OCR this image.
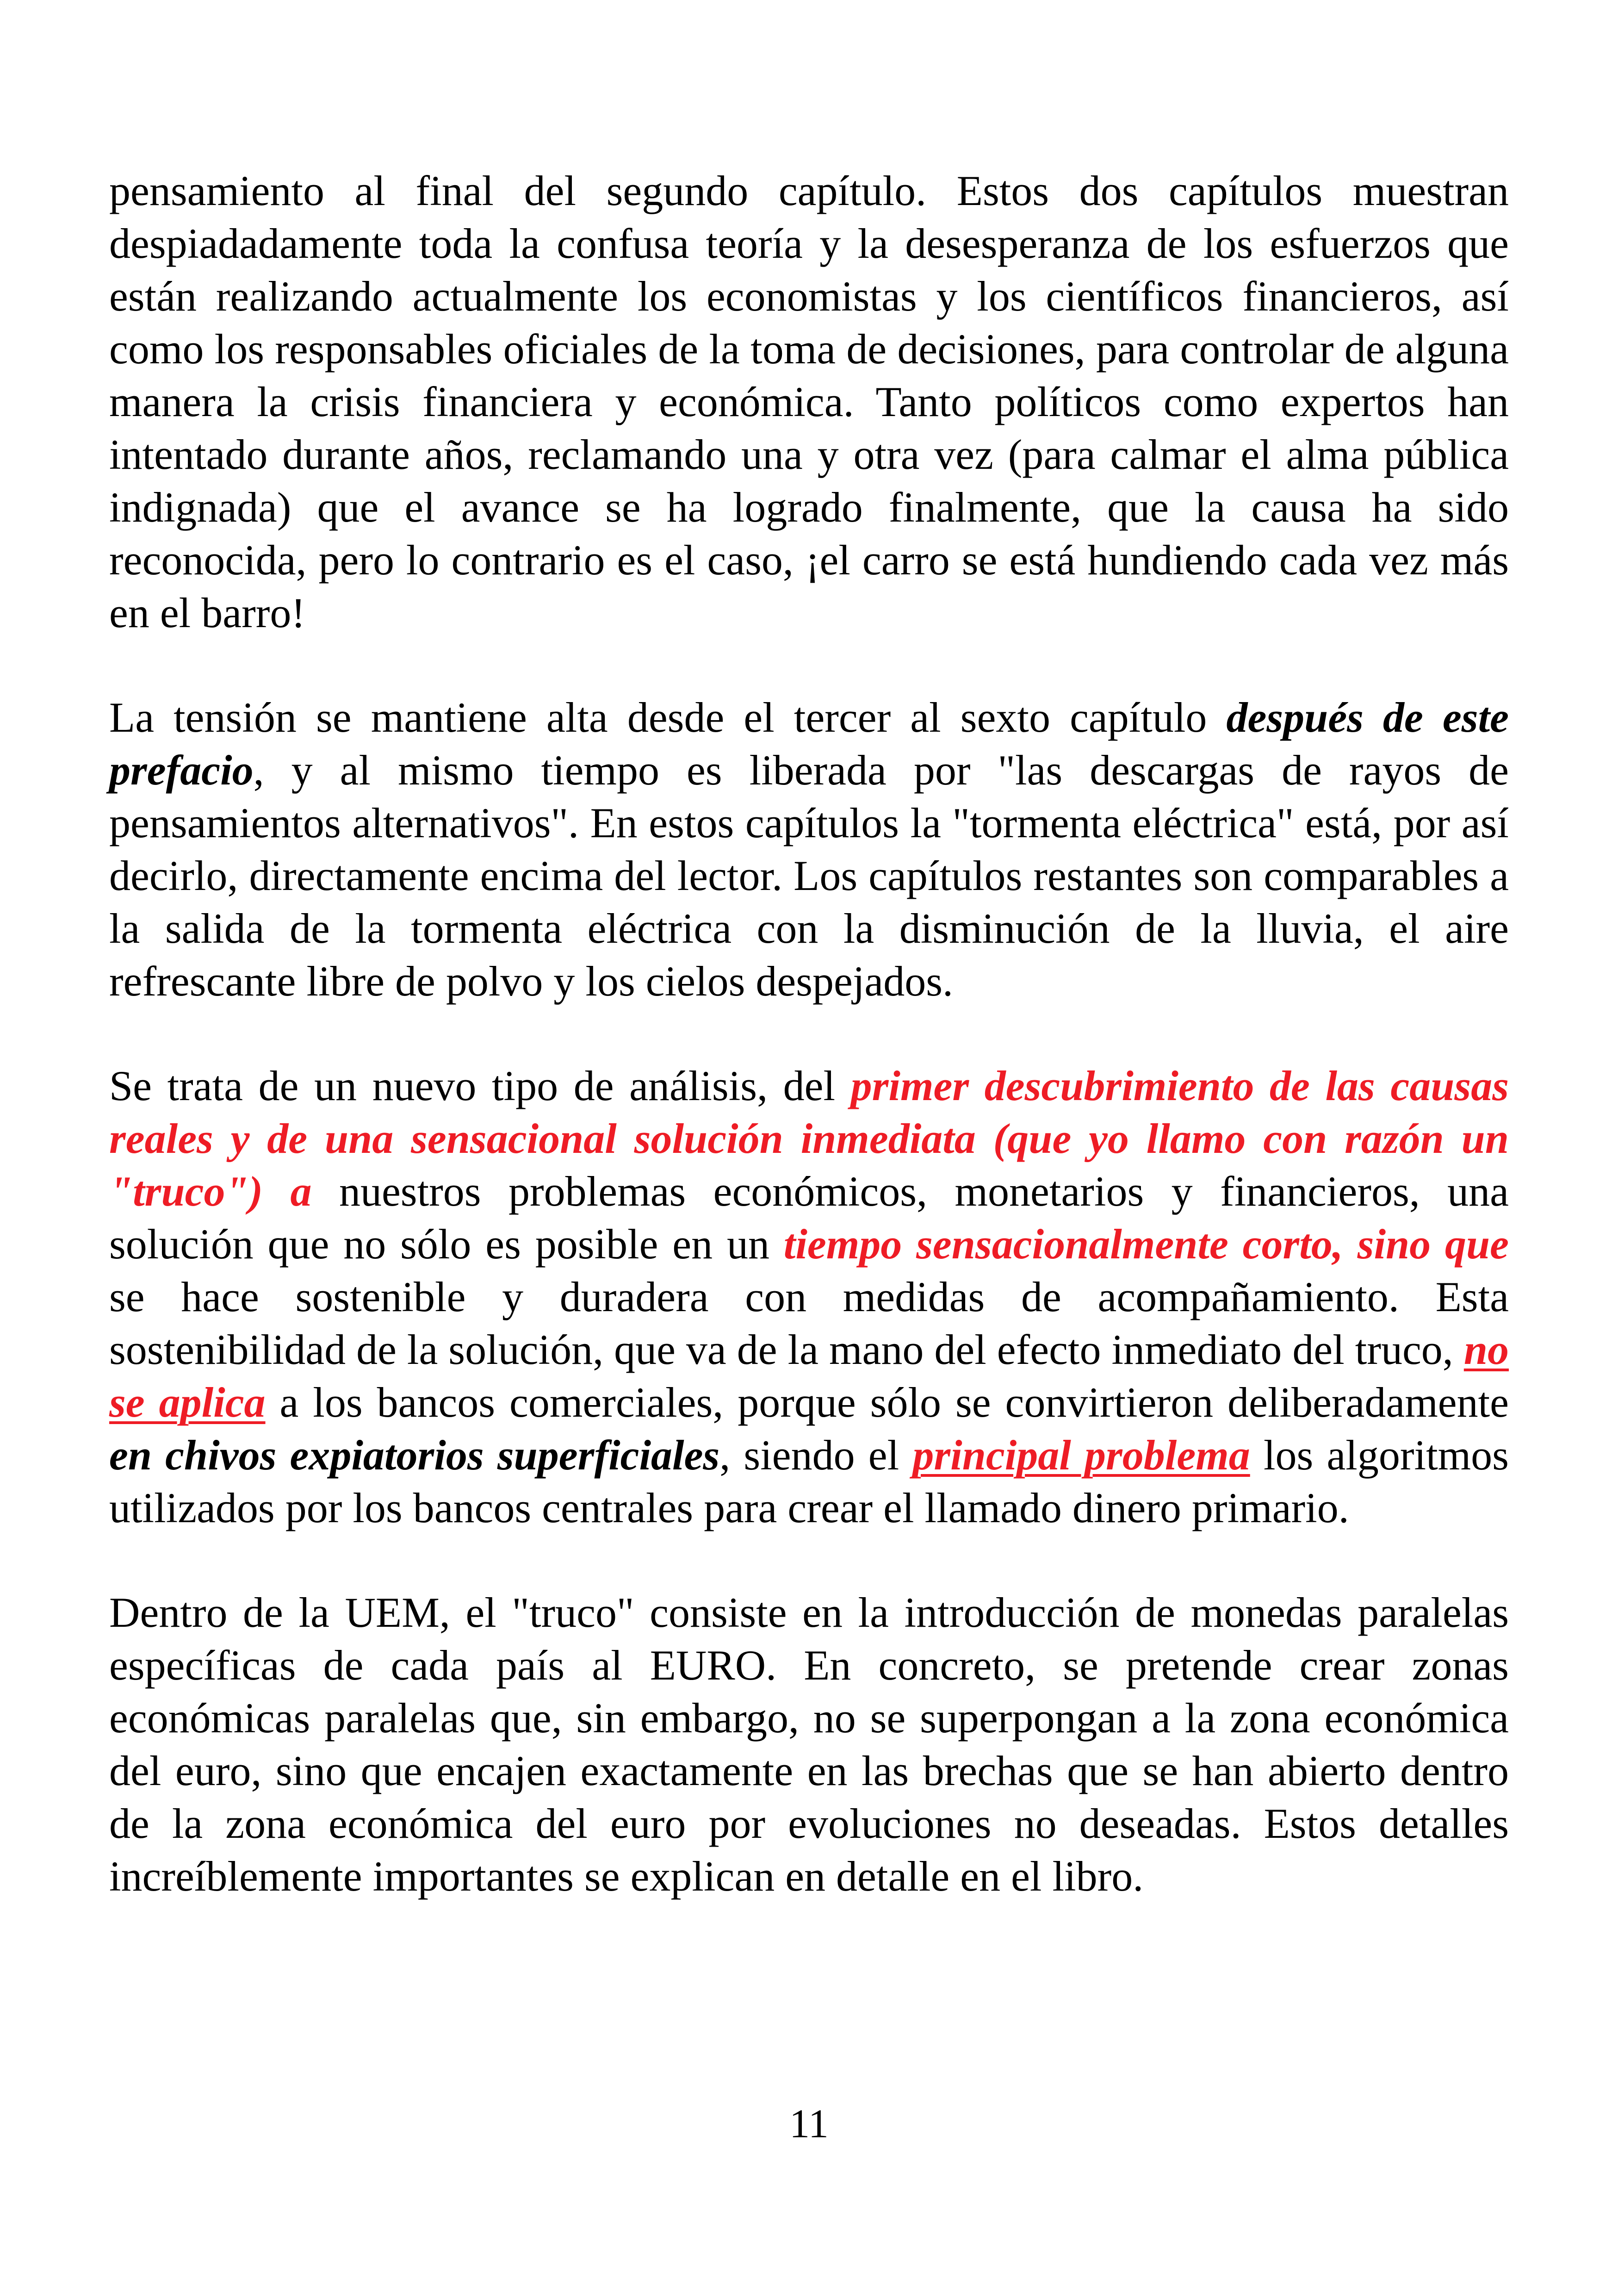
pensamiento al final del segundo capítulo. Estos dos capítulos muestran despiadadamente toda la confusa teoría y la desesperanza de los esfuerzos que están realizando actualmente los economistas y los científicos financieros, así como los responsables oficiales de la toma de decisiones, para controlar de alguna manera la crisis financiera y económica. Tanto políticos como expertos han intentado durante años, reclamando una y otra vez (para calmar el alma pública indignada) que el avance se ha logrado finalmente, que la causa ha sido reconocida, pero lo contrario es el caso, ¡el carro se está hundiendo cada vez más en el barro!

La tensión se mantiene alta desde el tercer al sexto capítulo después de este prefacio, y al mismo tiempo es liberada por "las descargas de rayos de pensamientos alternativos". En estos capítulos la "tormenta eléctrica" está, por así decirlo, directamente encima del lector. Los capítulos restantes son comparables a la salida de la tormenta eléctrica con la disminución de la lluvia, el aire refrescante libre de polvo y los cielos despejados.

Se trata de un nuevo tipo de análisis, del primer descubrimiento de las causas reales y de una sensacional solución inmediata (que yo llamo con razón un "truco") a nuestros problemas económicos, monetarios y financieros, una solución que no sólo es posible en un tiempo sensacionalmente corto, sino que se hace sostenible y duradera con medidas de acompañamiento. Esta sostenibilidad de la solución, que va de la mano del efecto inmediato del truco, no se aplica a los bancos comerciales, porque sólo se convirtieron deliberadamente en chivos expiatorios superficiales, siendo el principal problema los algoritmos utilizados por los bancos centrales para crear el llamado dinero primario.

Dentro de la UEM, el "truco" consiste en la introducción de monedas paralelas específicas de cada país al EURO. En concreto, se pretende crear zonas económicas paralelas que, sin embargo, no se superpongan a la zona económica del euro, sino que encajen exactamente en las brechas que se han abierto dentro de la zona económica del euro por evoluciones no deseadas. Estos detalles increíblemente importantes se explican en detalle en el libro.

11
